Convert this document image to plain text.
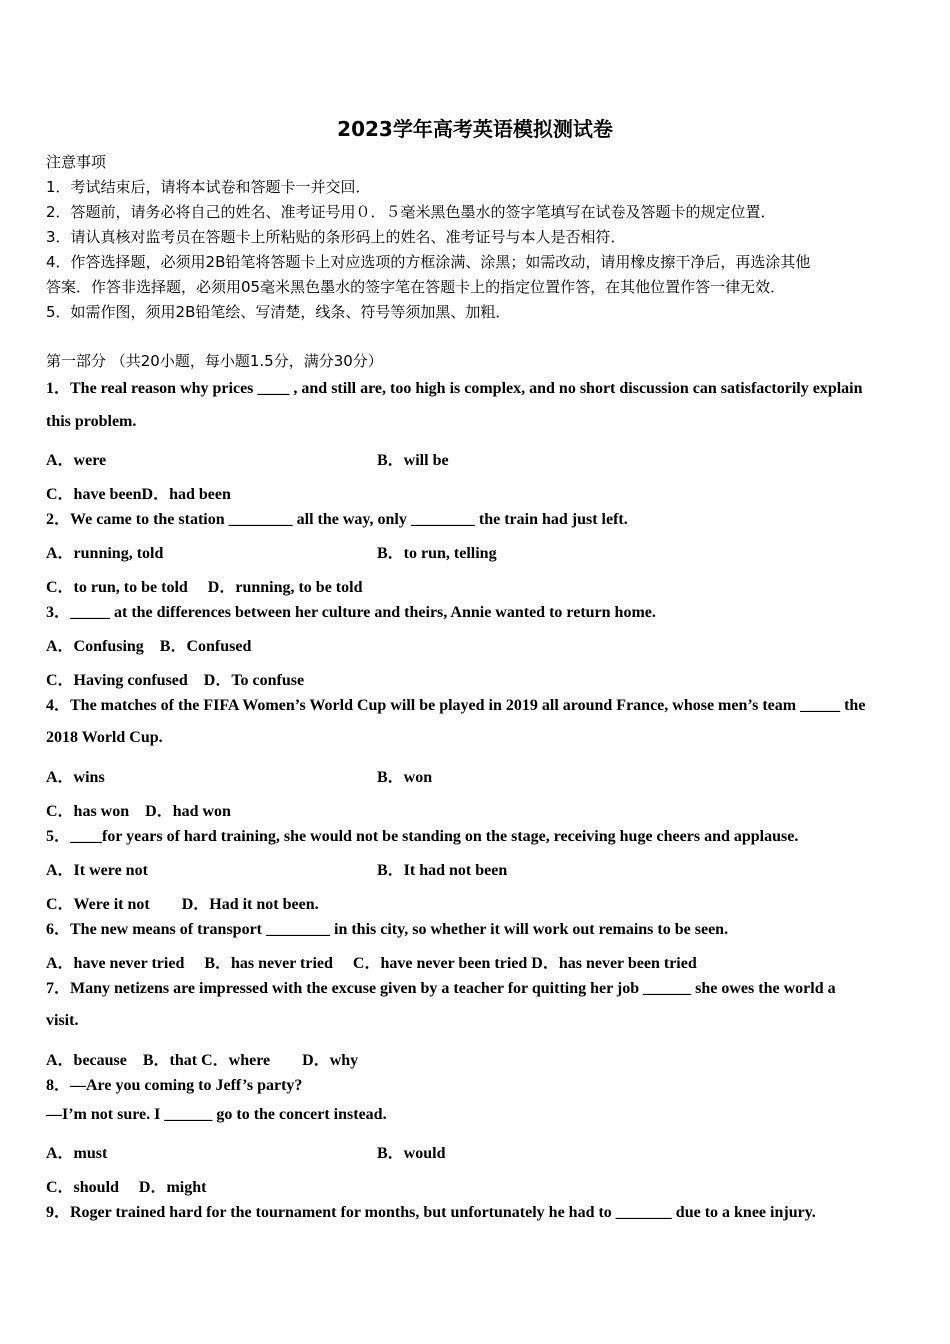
2023学年高考英语模拟测试卷
注意事项
1．考试结束后，请将本试卷和答题卡一并交回．
2．答题前，请务必将自己的姓名、准考证号用０．５毫米黑色墨水的签字笔填写在试卷及答题卡的规定位置．
3．请认真核对监考员在答题卡上所粘贴的条形码上的姓名、准考证号与本人是否相符．
4．作答选择题，必须用2B铅笔将答题卡上对应选项的方框涂满、涂黑；如需改动，请用橡皮擦干净后，再选涂其他
答案．作答非选择题，必须用05毫米黑色墨水的签字笔在答题卡上的指定位置作答，在其他位置作答一律无效．
5．如需作图，须用2B铅笔绘、写清楚，线条、符号等须加黑、加粗．
第一部分 （共20小题，每小题1.5分，满分30分）
1．The real reason why prices ____ , and still are, too high is complex, and no short discussion can satisfactorily explain
this problem.
A．were	B．will be
C．have beenD．had been
2．We came to the station ________ all the way, only ________ the train had just left.
A．running, told	B．to run, telling
C．to run, to be told　 D．running, to be told
3．_____ at the differences between her culture and theirs, Annie wanted to return home.
A．Confusing　B．Confused
C．Having confused　D．To confuse
4．The matches of the FIFA Women’s World Cup will be played in 2019 all around France, whose men’s team _____ the
2018 World Cup.
A．wins	B．won
C．has won　D．had won
5．____for years of hard training, she would not be standing on the stage, receiving huge cheers and applause.
A．It were not	B．It had not been
C．Were it not　　D．Had it not been.
6．The new means of transport ________ in this city, so whether it will work out remains to be seen.
A．have never tried　 B．has never tried　 C．have never been tried D．has never been tried
7．Many netizens are impressed with the excuse given by a teacher for quitting her job ______ she owes the world a
visit.
A．because　B．that C．where　　D．why
8．—Are you coming to Jeff’s party?
—I’m not sure. I ______ go to the concert instead.
A．must	B．would
C．should　 D．might
9．Roger trained hard for the tournament for months, but unfortunately he had to _______ due to a knee injury.
